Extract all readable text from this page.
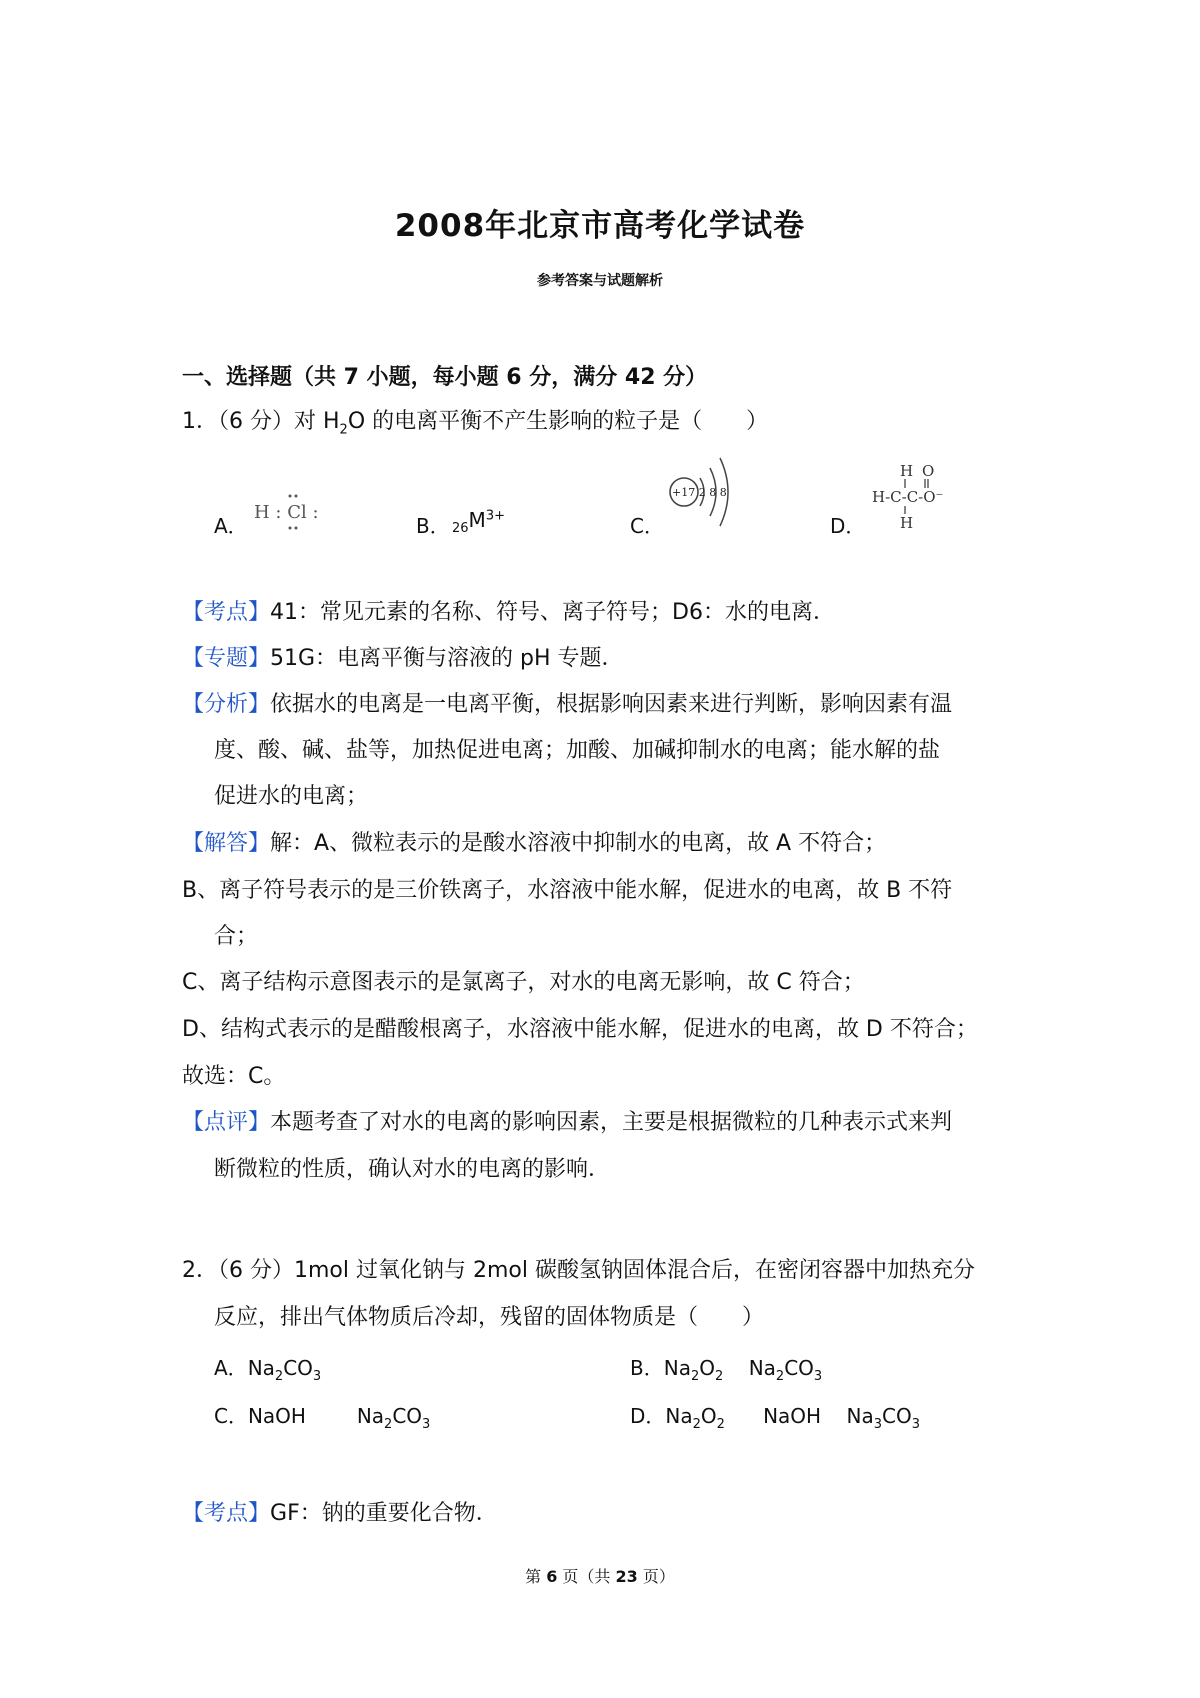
2008年北京市高考化学试卷
参考答案与试题解析
一、选择题（共 7 小题，每小题 6 分，满分 42 分）
1．（6 分）对 $H_2O$ 的电离平衡不产生影响的粒子是（　　）
A．
H : Cl :
B． $_{26}M^{3+}$	C．
+17 2 8 8
D．
H O
H-C-C-O⁻
H
【考点】41：常见元素的名称、符号、离子符号；D6：水的电离．
【专题】51G：电离平衡与溶液的 pH 专题．
【分析】依据水的电离是一电离平衡，根据影响因素来进行判断，影响因素有温
度、酸、碱、盐等，加热促进电离；加酸、加碱抑制水的电离；能水解的盐
促进水的电离；
【解答】解：A、微粒表示的是酸水溶液中抑制水的电离，故 A 不符合；
B、离子符号表示的是三价铁离子，水溶液中能水解，促进水的电离，故 B 不符
合；
C、离子结构示意图表示的是氯离子，对水的电离无影响，故 C 符合；
D、结构式表示的是醋酸根离子，水溶液中能水解，促进水的电离，故 D 不符合；
故选：C。
【点评】本题考查了对水的电离的影响因素，主要是根据微粒的几种表示式来判
断微粒的性质，确认对水的电离的影响．
2．（6 分）1mol 过氧化钠与 2mol 碳酸氢钠固体混合后，在密闭容器中加热充分
反应，排出气体物质后冷却，残留的固体物质是（　　）
A．$Na_2CO_3$	B．$Na_2O_2$ $Na_2CO_3$
C．NaOH	$Na_2CO_3$	D．$Na_2O_2$ NaOH $Na_3CO_3$
【考点】GF：钠的重要化合物．
第 6 页（共 23 页）
